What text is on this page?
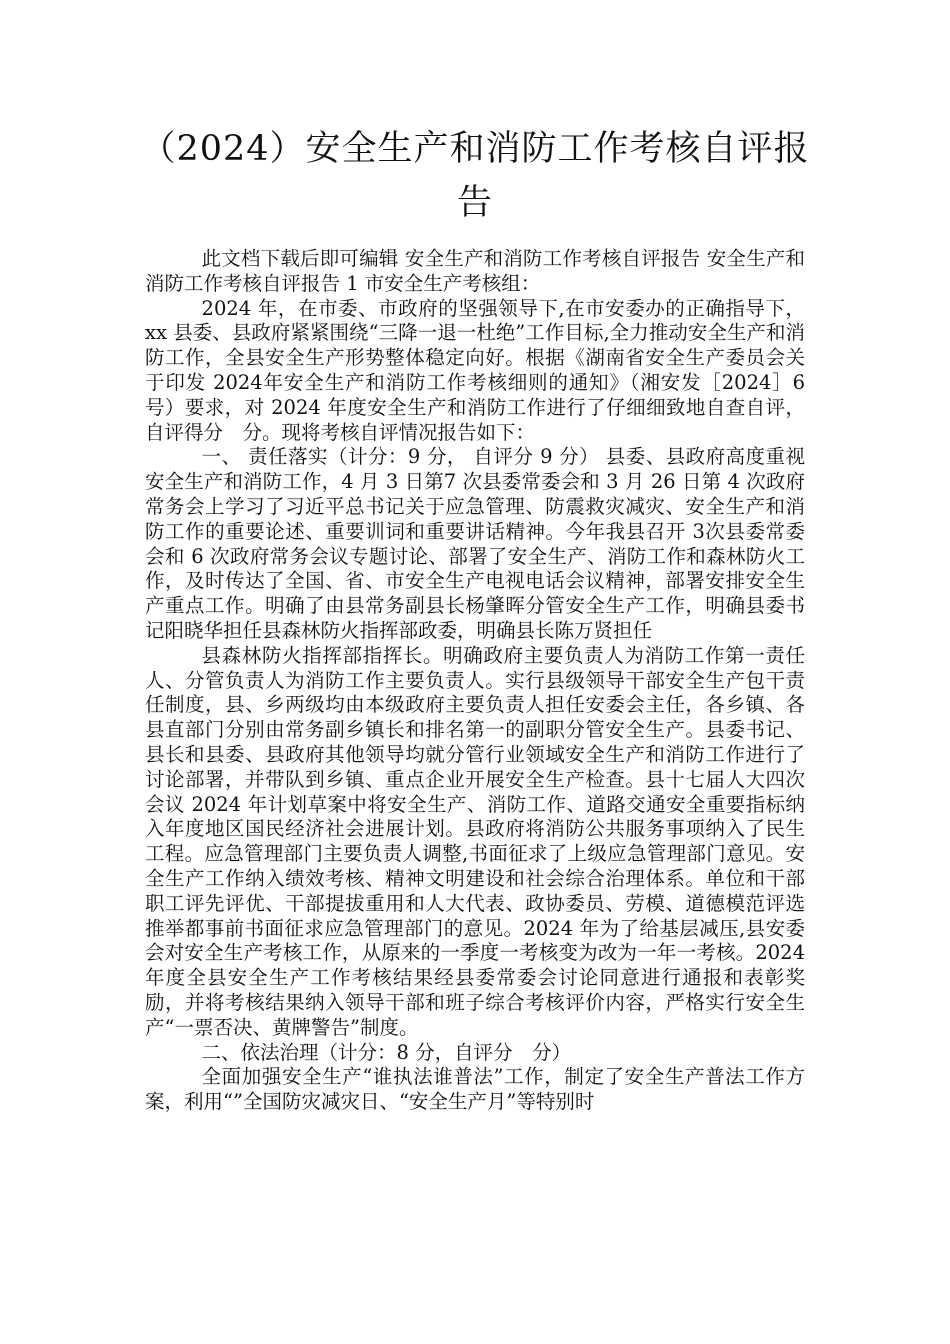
（2024）安全生产和消防工作考核自评报告

此文档下载后即可编辑 安全生产和消防工作考核自评报告 安全生产和消防工作考核自评报告 1 市安全生产考核组：

2024 年，在市委、市政府的坚强领导下,在市安委办的正确指导下，xx 县委、县政府紧紧围绕“三降一退一杜绝”工作目标,全力推动安全生产和消防工作，全县安全生产形势整体稳定向好。根据《湖南省安全生产委员会关于印发 2024年安全生产和消防工作考核细则的通知》（湘安发［2024］6 号）要求，对 2024 年度安全生产和消防工作进行了仔细细致地自查自评，自评得分　分。现将考核自评情况报告如下：

一、 责任落实（计分：9 分， 自评分 9 分） 县委、县政府高度重视安全生产和消防工作，4 月 3 日第7 次县委常委会和 3 月 26 日第 4 次政府常务会上学习了习近平总书记关于应急管理、防震救灾减灾、安全生产和消防工作的重要论述、重要训词和重要讲话精神。今年我县召开 3次县委常委会和 6 次政府常务会议专题讨论、部署了安全生产、消防工作和森林防火工作，及时传达了全国、省、市安全生产电视电话会议精神，部署安排安全生产重点工作。明确了由县常务副县长杨肇晖分管安全生产工作，明确县委书记阳晓华担任县森林防火指挥部政委，明确县长陈万贤担任

县森林防火指挥部指挥长。明确政府主要负责人为消防工作第一责任人、分管负责人为消防工作主要负责人。实行县级领导干部安全生产包干责任制度，县、乡两级均由本级政府主要负责人担任安委会主任，各乡镇、各县直部门分别由常务副乡镇长和排名第一的副职分管安全生产。县委书记、县长和县委、县政府其他领导均就分管行业领域安全生产和消防工作进行了讨论部署，并带队到乡镇、重点企业开展安全生产检查。县十七届人大四次会议 2024 年计划草案中将安全生产、消防工作、道路交通安全重要指标纳入年度地区国民经济社会进展计划。县政府将消防公共服务事项纳入了民生工程。应急管理部门主要负责人调整,书面征求了上级应急管理部门意见。安全生产工作纳入绩效考核、精神文明建设和社会综合治理体系。单位和干部职工评先评优、干部提拔重用和人大代表、政协委员、劳模、道德模范评选推举都事前书面征求应急管理部门的意见。2024 年为了给基层减压,县安委会对安全生产考核工作，从原来的一季度一考核变为改为一年一考核。2024 年度全县安全生产工作考核结果经县委常委会讨论同意进行通报和表彰奖励，并将考核结果纳入领导干部和班子综合考核评价内容，严格实行安全生产“一票否决、黄牌警告”制度。

二、依法治理（计分：8 分，自评分　分）

全面加强安全生产“谁执法谁普法”工作，制定了安全生产普法工作方案，利用“”全国防灾减灾日、“安全生产月”等特别时
